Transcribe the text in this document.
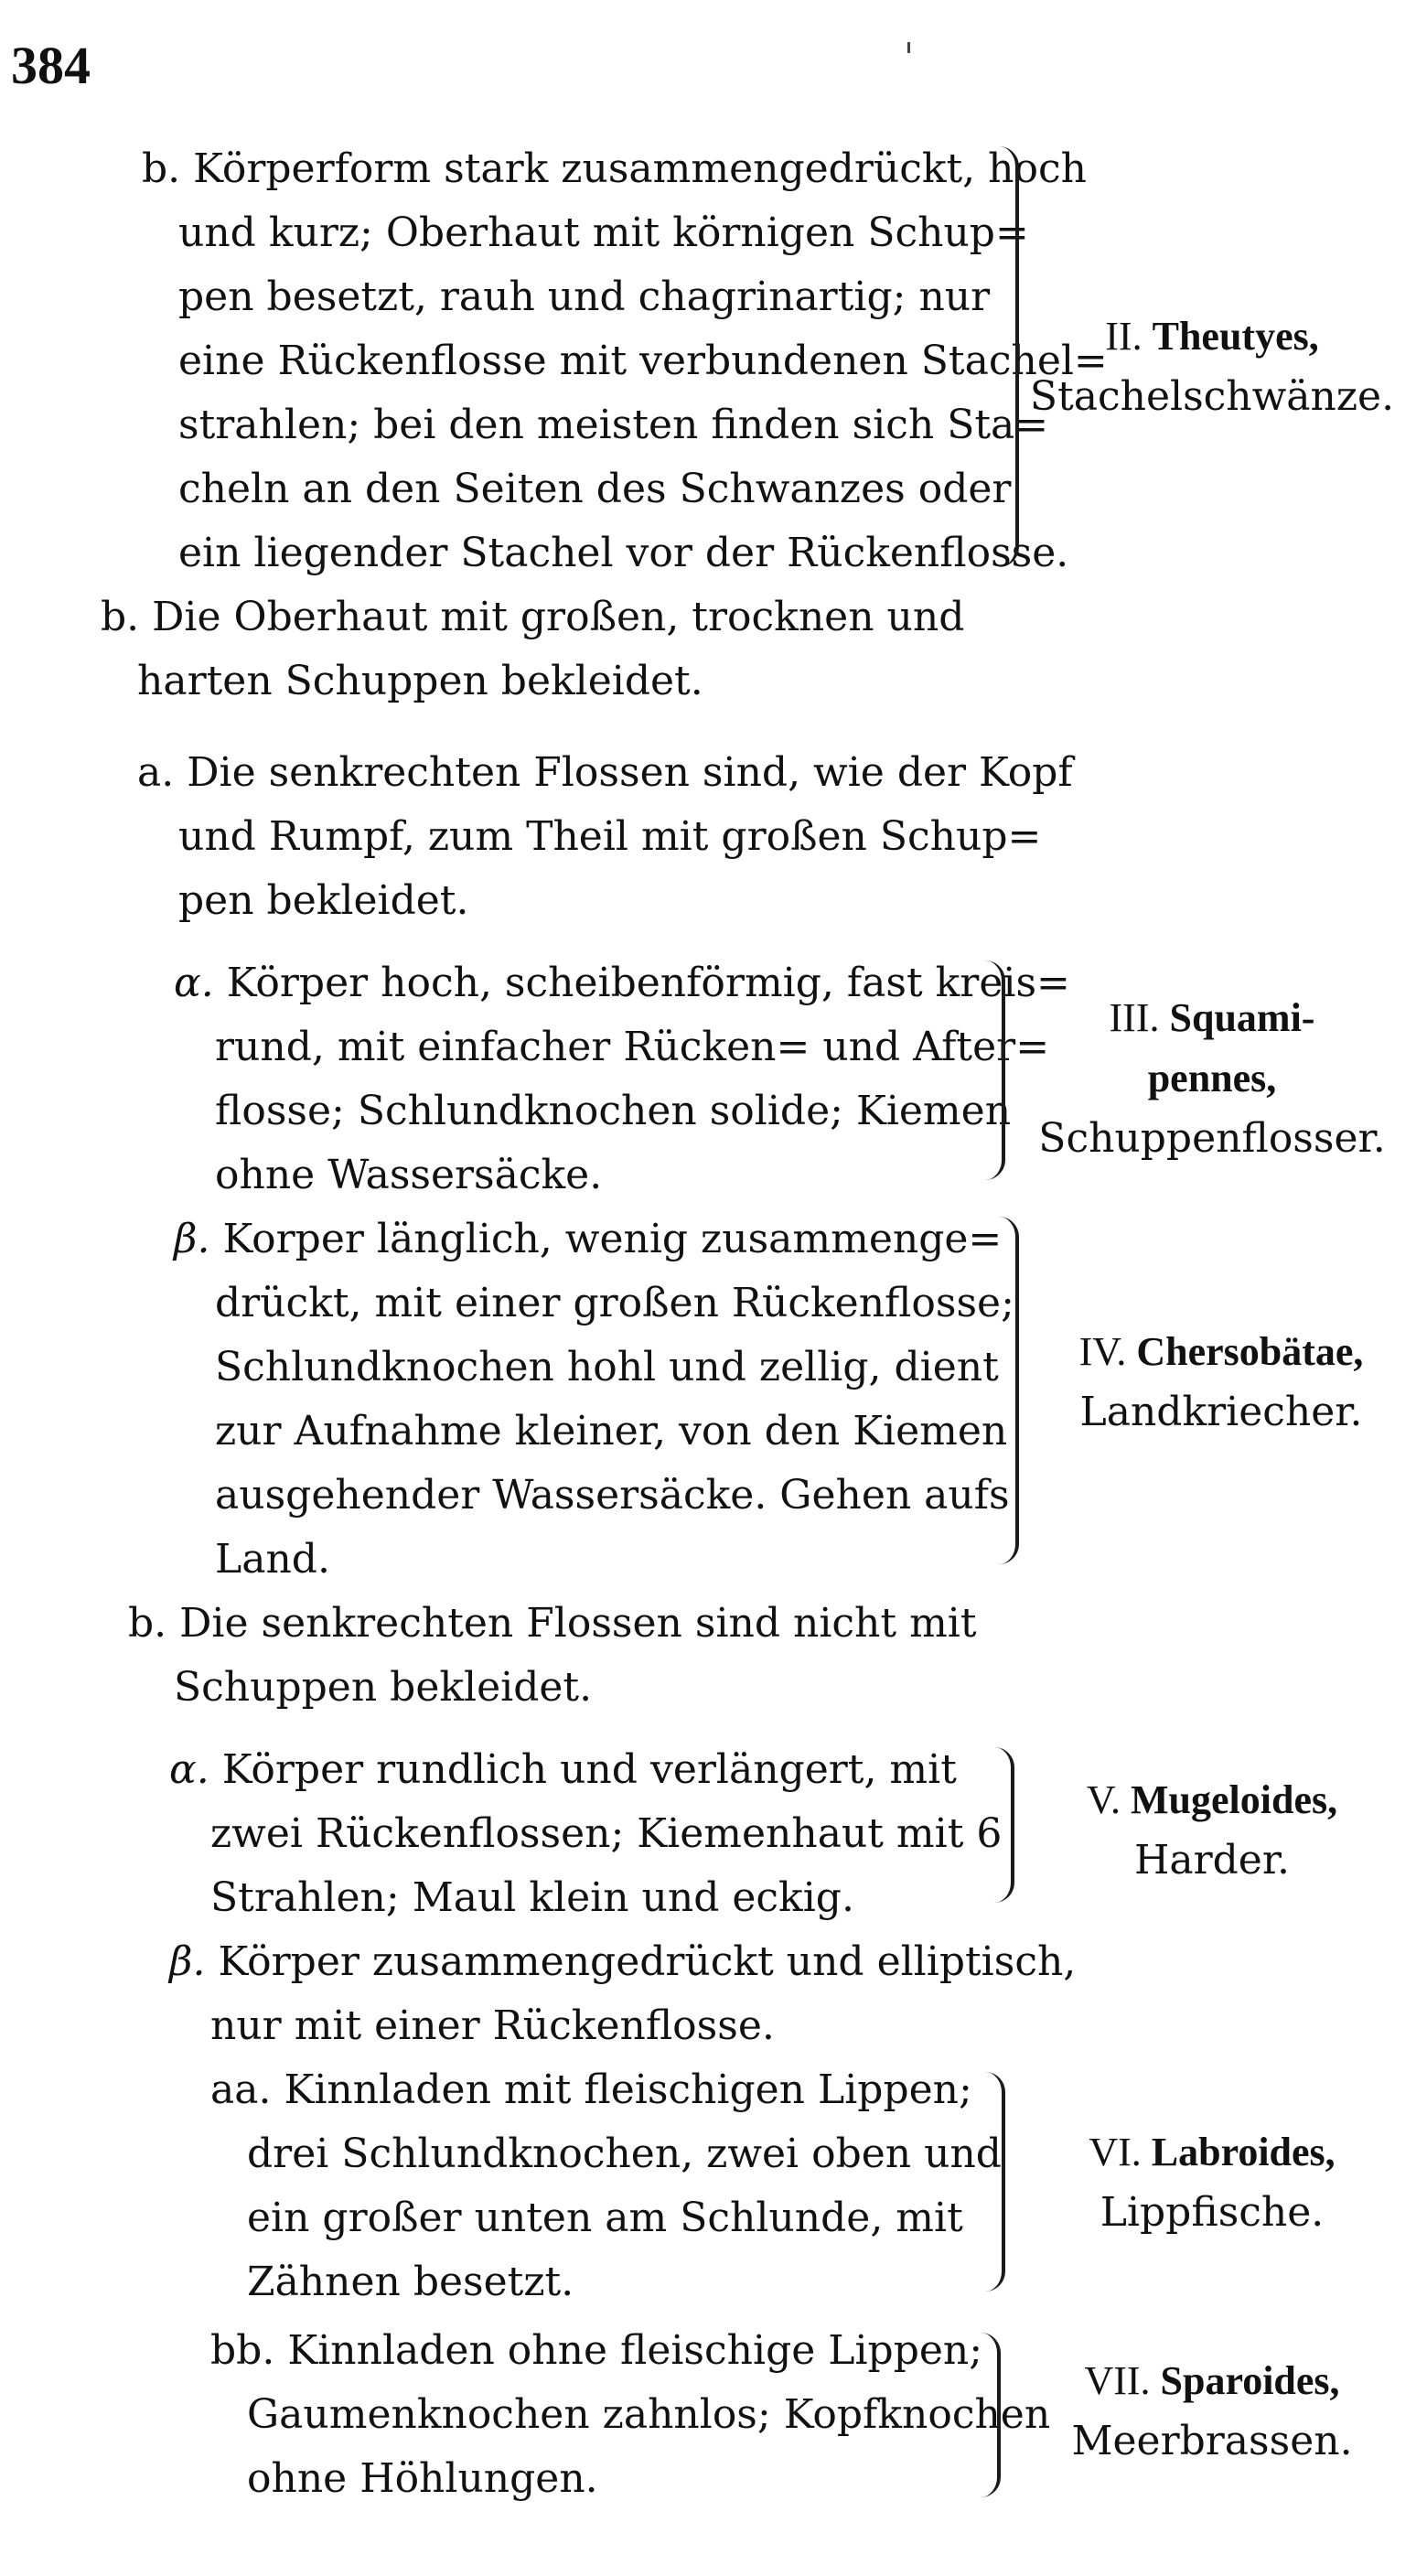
384
b. Körperform stark zusammengedrückt, hoch
und kurz; Oberhaut mit körnigen Schup=
pen besetzt, rauh und chagrinartig; nur
eine Rückenflosse mit verbundenen Stachel=
strahlen; bei den meisten finden sich Sta=
cheln an den Seiten des Schwanzes oder
ein liegender Stachel vor der Rückenflosse.
b. Die Oberhaut mit großen, trocknen und
harten Schuppen bekleidet.
a. Die senkrechten Flossen sind, wie der Kopf
und Rumpf, zum Theil mit großen Schup=
pen bekleidet.
α. Körper hoch, scheibenförmig, fast kreis=
rund, mit einfacher Rücken= und After=
flosse; Schlundknochen solide; Kiemen
ohne Wassersäcke.
β. Korper länglich, wenig zusammenge=
drückt, mit einer großen Rückenflosse;
Schlundknochen hohl und zellig, dient
zur Aufnahme kleiner, von den Kiemen
ausgehender Wassersäcke. Gehen aufs
Land.
b. Die senkrechten Flossen sind nicht mit
Schuppen bekleidet.
α. Körper rundlich und verlängert, mit
zwei Rückenflossen; Kiemenhaut mit 6
Strahlen; Maul klein und eckig.
β. Körper zusammengedrückt und elliptisch,
nur mit einer Rückenflosse.
aa. Kinnladen mit fleischigen Lippen;
drei Schlundknochen, zwei oben und
ein großer unten am Schlunde, mit
Zähnen besetzt.
bb. Kinnladen ohne fleischige Lippen;
Gaumenknochen zahnlos; Kopfknochen
ohne Höhlungen.
II. Theutyes,
Stachelschwänze.
III. Squami-
pennes,
Schuppenflosser.
IV. Chersobätae,
Landkriecher.
V. Mugeloides,
Harder.
VI. Labroides,
Lippfische.
VII. Sparoides,
Meerbrassen.
